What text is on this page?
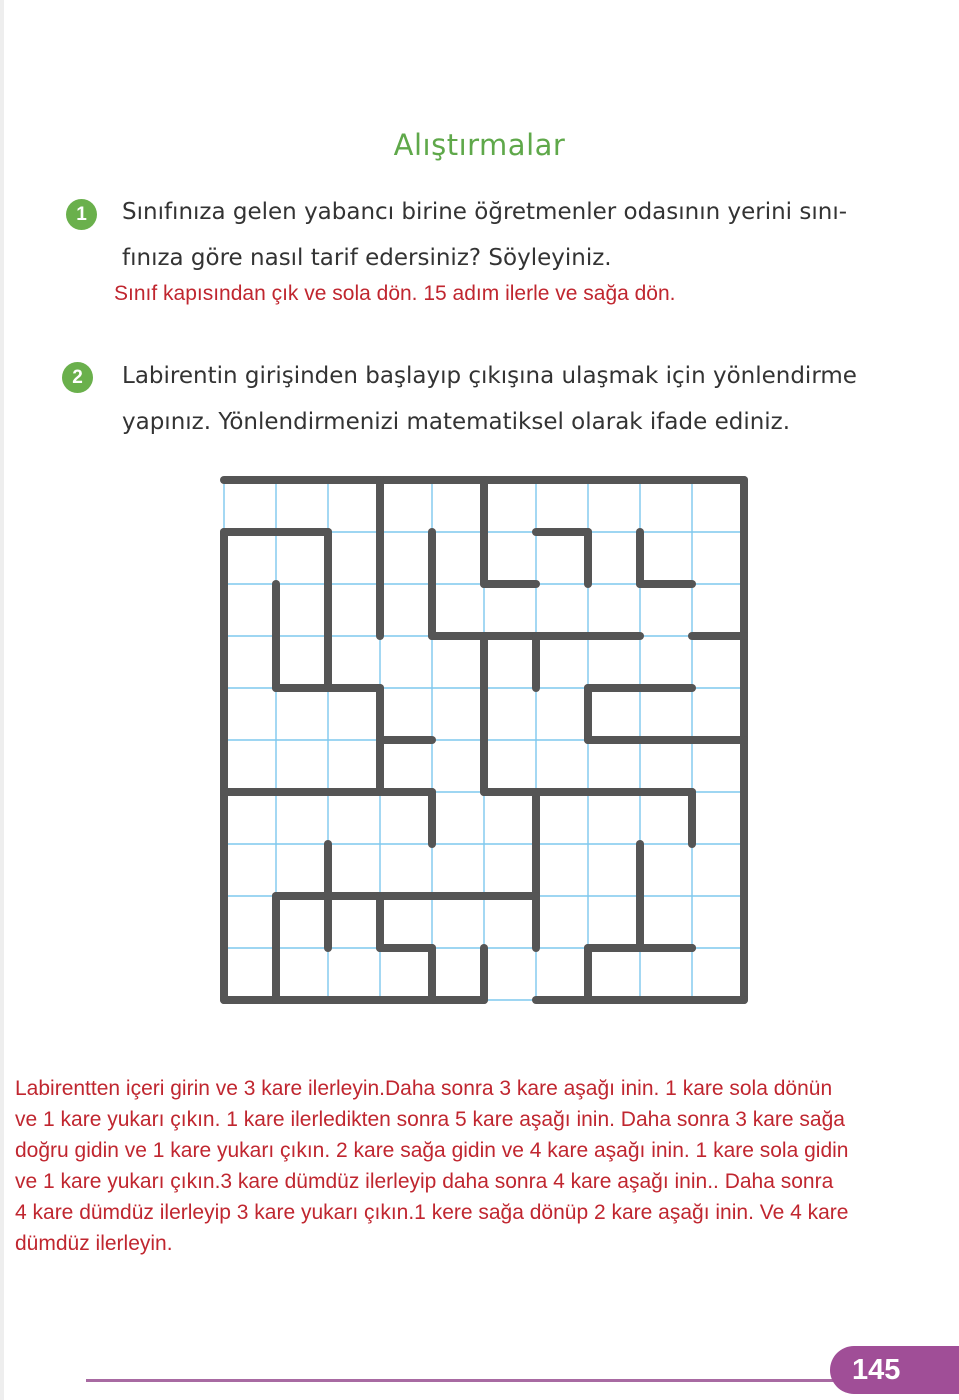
Alıştırmalar
1	Sınıfınıza gelen yabancı birine öğretmenler odasının yerini sını-
fınıza göre nasıl tarif edersiniz? Söyleyiniz.
Sınıf kapısından çık ve sola dön. 15 adım ilerle ve sağa dön.
2	Labirentin girişinden başlayıp çıkışına ulaşmak için yönlendirme
yapınız. Yönlendirmenizi matematiksel olarak ifade ediniz.
Labirentten içeri girin ve 3 kare ilerleyin.Daha sonra 3 kare aşağı inin. 1 kare sola dönün
ve 1 kare yukarı çıkın. 1 kare ilerledikten sonra 5 kare aşağı inin. Daha sonra 3 kare sağa
doğru gidin ve 1 kare yukarı çıkın. 2 kare sağa gidin ve 4 kare aşağı inin. 1 kare sola gidin
ve 1 kare yukarı çıkın.3 kare dümdüz ilerleyip daha sonra 4 kare aşağı inin.. Daha sonra
4 kare dümdüz ilerleyip 3 kare yukarı çıkın.1 kere sağa dönüp 2 kare aşağı inin. Ve 4 kare
dümdüz ilerleyin.
145
